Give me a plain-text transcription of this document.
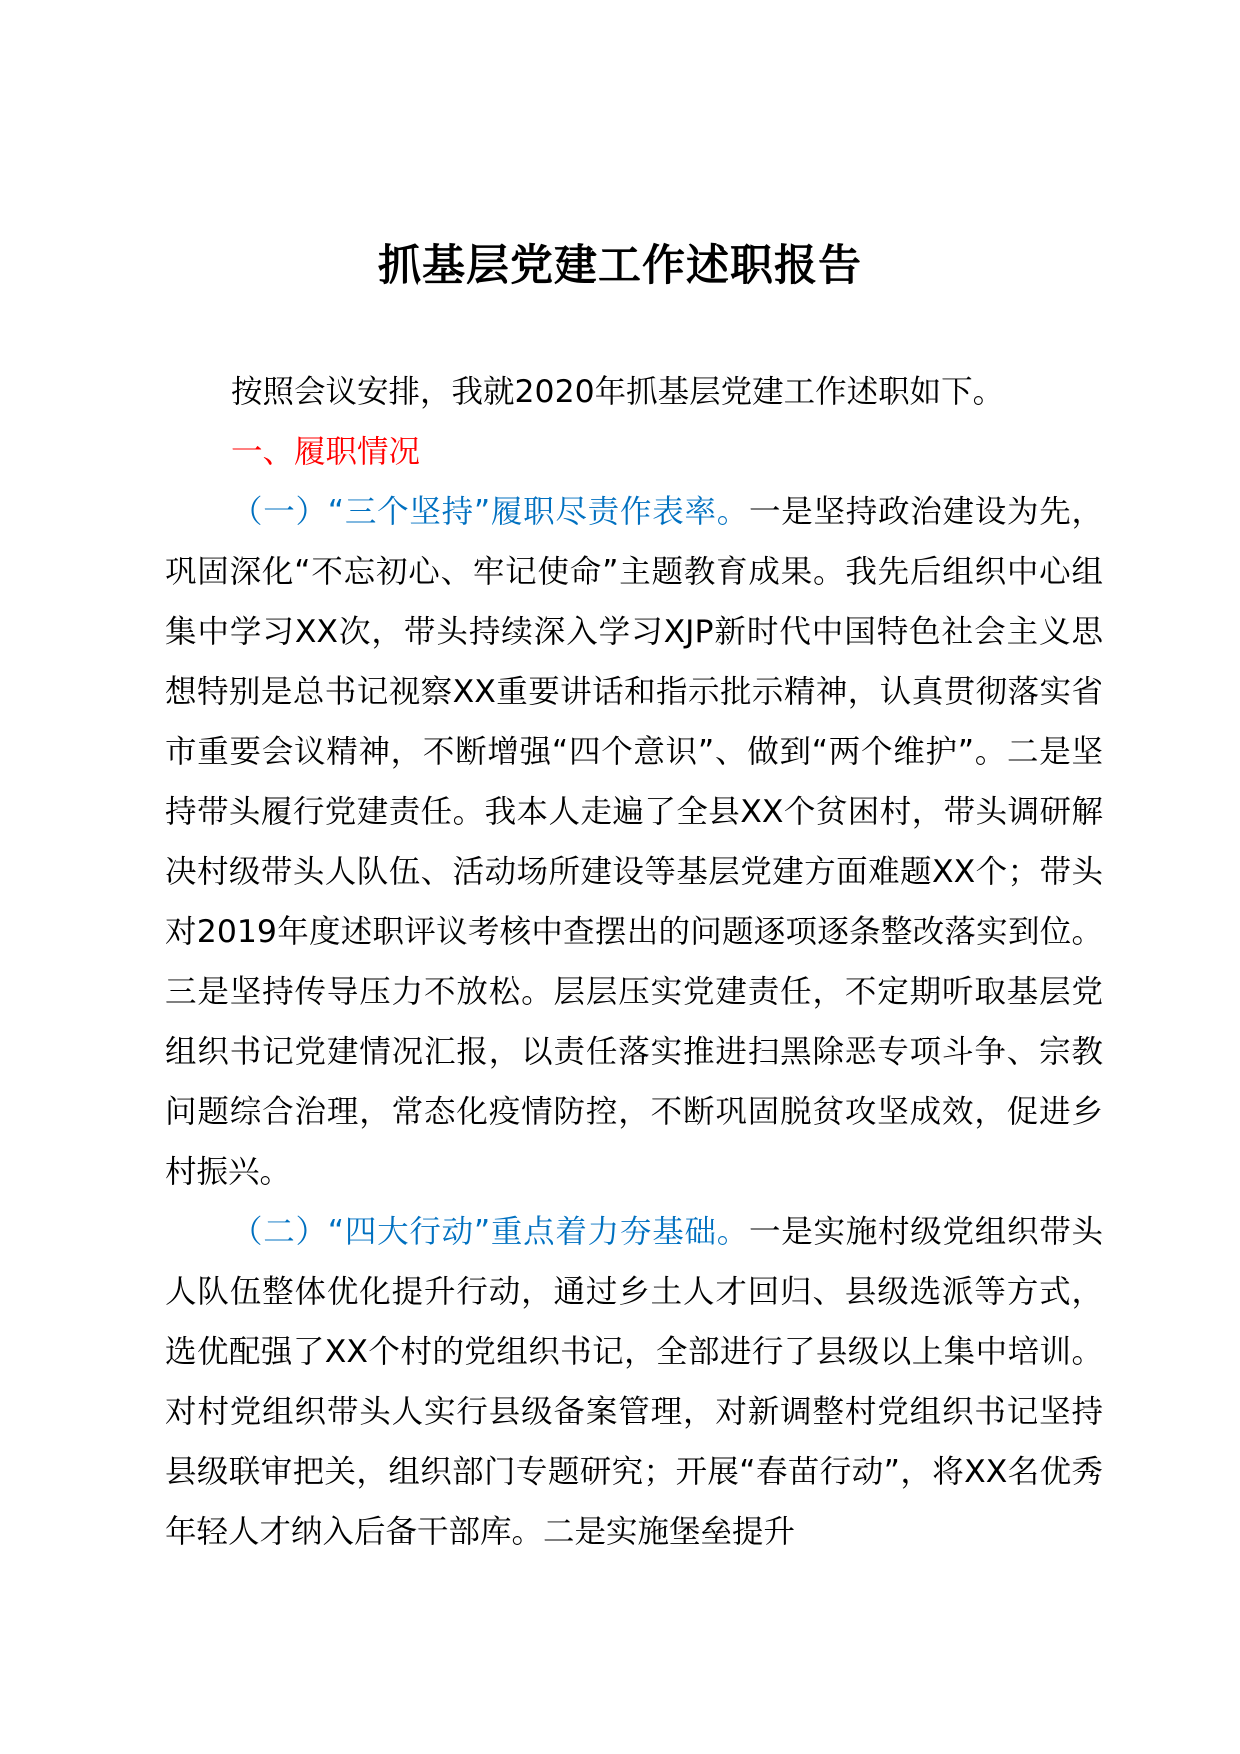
抓基层党建工作述职报告

按照会议安排，我就2020年抓基层党建工作述职如下。

一、履职情况

（一）“三个坚持”履职尽责作表率。一是坚持政治建设为先，巩固深化“不忘初心、牢记使命”主题教育成果。我先后组织中心组集中学习XX次，带头持续深入学习XJP新时代中国特色社会主义思想特别是总书记视察XX重要讲话和指示批示精神，认真贯彻落实省市重要会议精神，不断增强“四个意识”、做到“两个维护”。二是坚持带头履行党建责任。我本人走遍了全县XX个贫困村，带头调研解决村级带头人队伍、活动场所建设等基层党建方面难题XX个；带头对2019年度述职评议考核中查摆出的问题逐项逐条整改落实到位。三是坚持传导压力不放松。层层压实党建责任，不定期听取基层党组织书记党建情况汇报，以责任落实推进扫黑除恶专项斗争、宗教问题综合治理，常态化疫情防控，不断巩固脱贫攻坚成效，促进乡村振兴。

（二）“四大行动”重点着力夯基础。一是实施村级党组织带头人队伍整体优化提升行动，通过乡土人才回归、县级选派等方式，选优配强了XX个村的党组织书记，全部进行了县级以上集中培训。对村党组织带头人实行县级备案管理，对新调整村党组织书记坚持县级联审把关，组织部门专题研究；开展“春苗行动”，将XX名优秀年轻人才纳入后备干部库。二是实施堡垒提升
